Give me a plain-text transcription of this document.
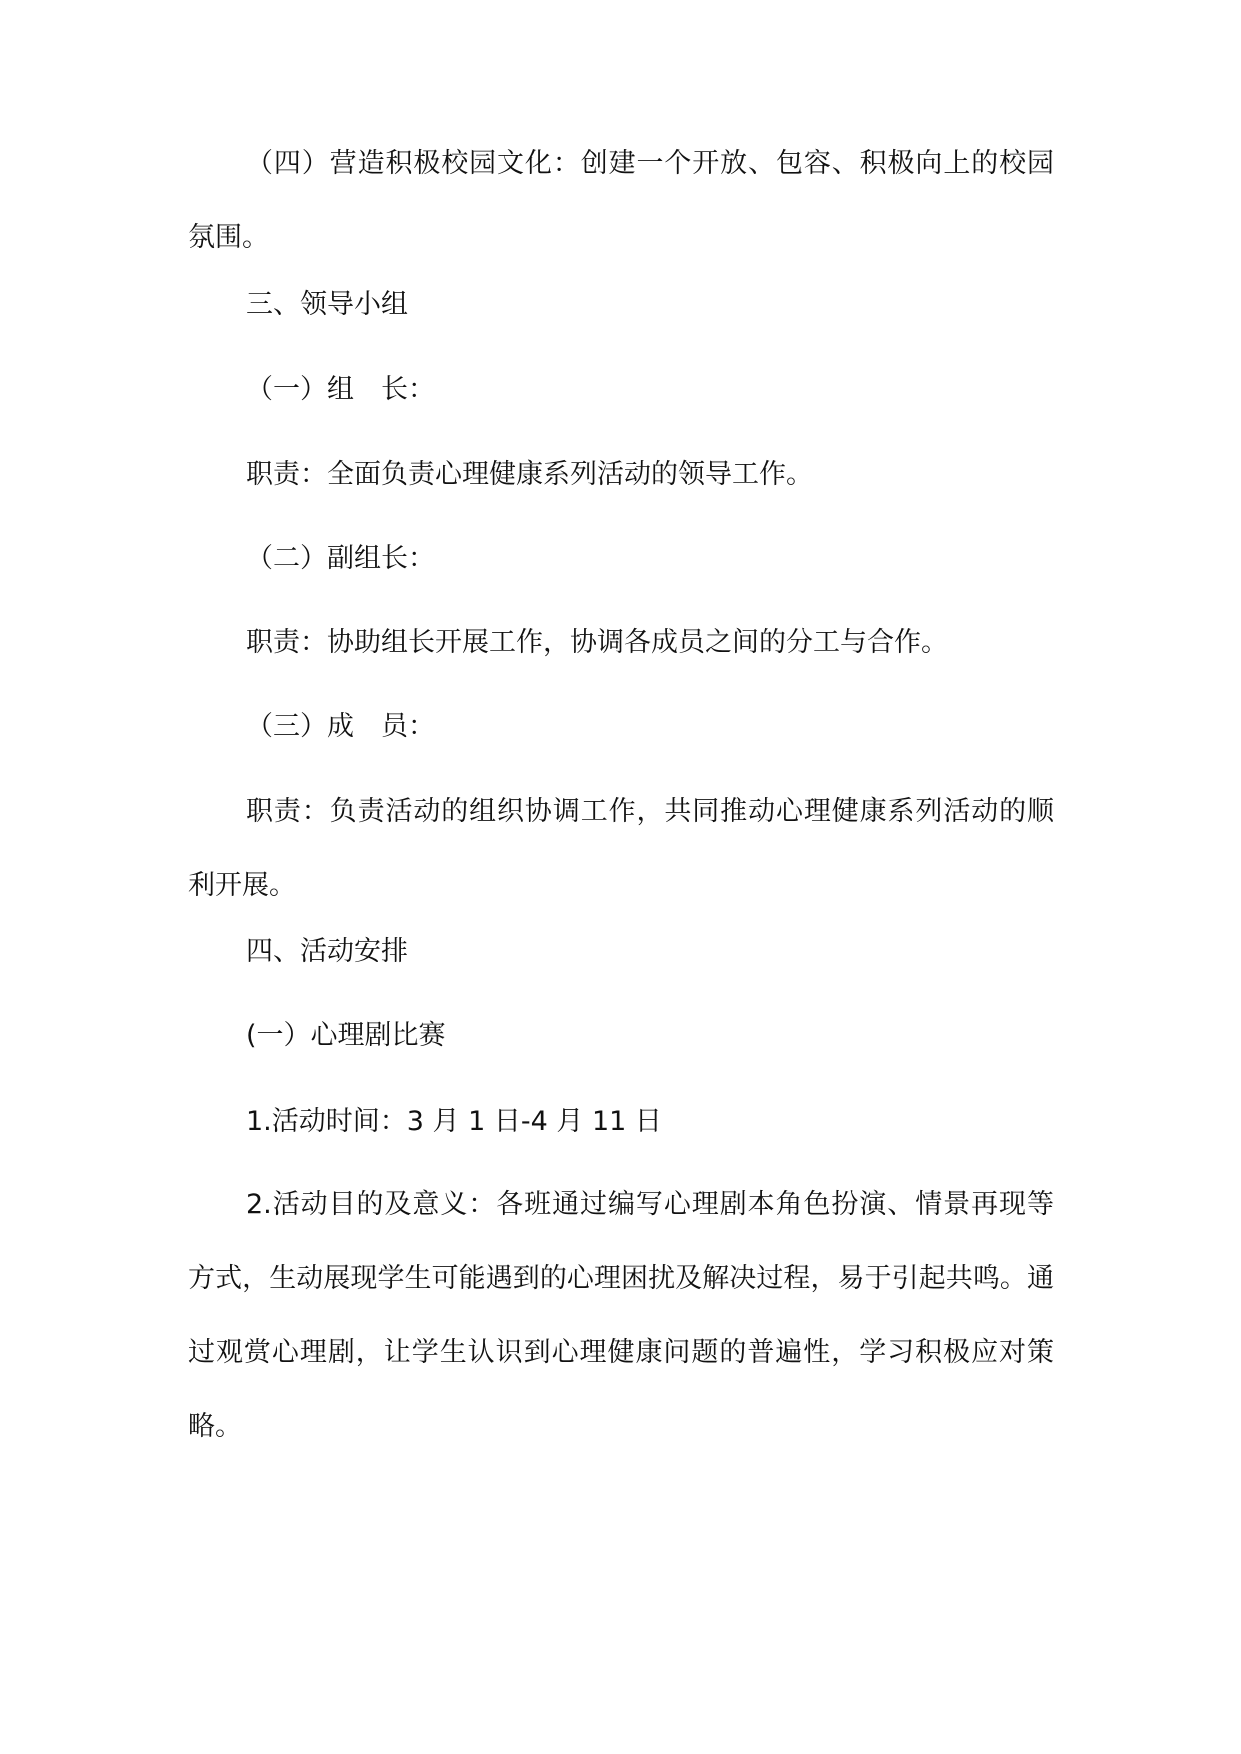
（四）营造积极校园文化：创建一个开放、包容、积极向上的校园氛围。

三、领导小组

（一）组　长：

职责：全面负责心理健康系列活动的领导工作。

（二）副组长：

职责：协助组长开展工作，协调各成员之间的分工与合作。

（三）成　员：

职责：负责活动的组织协调工作，共同推动心理健康系列活动的顺利开展。

四、活动安排

(一）心理剧比赛

1.活动时间：3 月 1 日-4 月 11 日

2.活动目的及意义：各班通过编写心理剧本角色扮演、情景再现等方式，生动展现学生可能遇到的心理困扰及解决过程，易于引起共鸣。通过观赏心理剧，让学生认识到心理健康问题的普遍性，学习积极应对策略。
